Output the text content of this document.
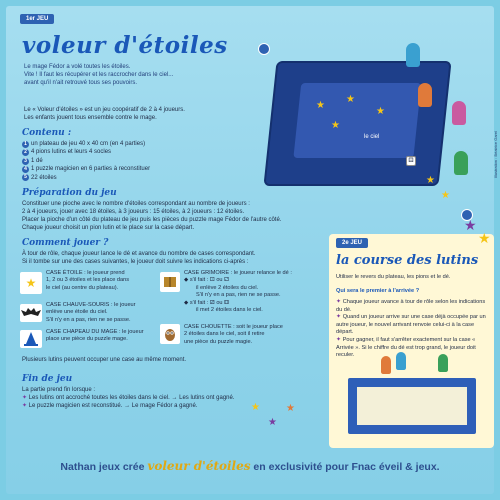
1er JEU
voleur d'étoiles
Le mage Fédor a volé toutes les étoiles.
Vite ! Il faut les récupérer et les raccrocher dans le ciel...
avant qu'il n'ait retrouvé tous ses pouvoirs.
Le « Voleur d'étoiles » est un jeu coopératif de 2 à 4 joueurs.
Les enfants jouent tous ensemble contre le mage.
Contenu :
1 un plateau de jeu 40 x 40 cm (en 4 parties)
2 4 pions lutins et leurs 4 socles
3 1 dé
4 1 puzzle magicien en 6 parties à reconstituer
5 22 étoiles
Préparation du jeu
Constituer une pioche avec le nombre d'étoiles correspondant au nombre de joueurs :
2 à 4 joueurs, jouer avec 18 étoiles, à 3 joueurs : 15 étoiles, à 2 joueurs : 12 étoiles.
Placer la pioche d'un côté du plateau de jeu puis les pièces du puzzle mage Fédor de l'autre côté.
Chaque joueur choisit un pion lutin et le place sur la case départ.
Comment jouer ?
À tour de rôle, chaque joueur lance le dé et avance du nombre de cases correspondant.
Si il tombe sur une des cases suivantes, le joueur doit suivre les indications ci-après :
★
CASE ÉTOILE : le joueur prend
1, 2 ou 3 étoiles et les place dans
le ciel (au centre du plateau).
CASE CHAUVE-SOURIS : le joueur
enlève une étoile du ciel.
S'il n'y en a pas, rien ne se passe.
CASE CHAPEAU DU MAGE : le joueur
place une pièce du puzzle mage.
CASE GRIMOIRE : le joueur relance le dé :
◆ s'il fait : ⚀ ou ⚁
il enlève 2 étoiles du ciel.
S'il n'y en a pas, rien ne se passe.
◆ s'il fait : ⚂ ou ⚃
il met 2 étoiles dans le ciel.
CASE CHOUETTE : soit le joueur place
2 étoiles dans le ciel, soit il retire
une pièce du puzzle magie.
Plusieurs lutins peuvent occuper une case au même moment.
Fin de jeu
La partie prend fin lorsque :
✦ Les lutins ont accroché toutes les étoiles dans le ciel. → Les lutins ont gagné.
✦ Le puzzle magicien est reconstitué. → Le mage Fédor a gagné.
★
★
★
★
★
★
⚃
le ciel	Illustration : Béatrice Garel
2e JEU
la course des lutins
Utiliser le revers du plateau, les pions et le dé.
Qui sera le premier à l'arrivée ?
✦ Chaque joueur avance à tour de rôle selon les indications du dé.
✦ Quand un joueur arrive sur une case déjà occupée par un autre joueur, le nouvel arrivant renvoie celui-ci à la case départ.
✦ Pour gagner, il faut s'arrêter exactement sur la case « Arrivée ». Si le chiffre du dé est trop grand, le joueur doit reculer.
★
★
★
★
★
Nathan jeux crée voleur d'étoiles en exclusivité pour Fnac éveil & jeux.
